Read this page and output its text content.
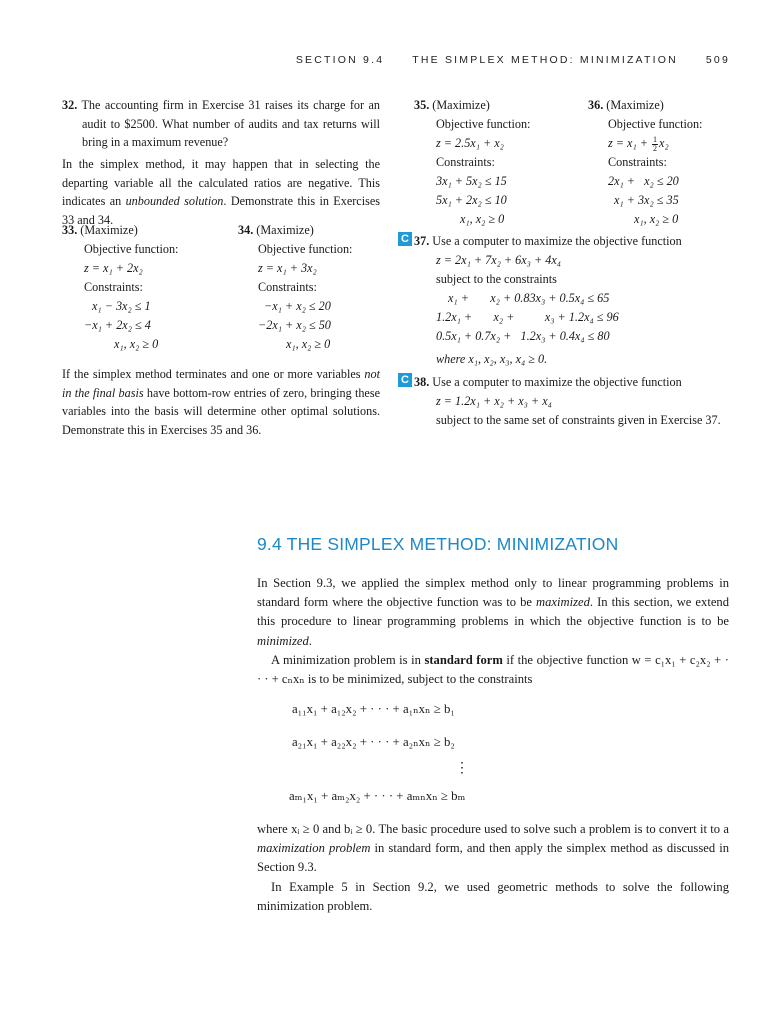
SECTION 9.4	THE SIMPLEX METHOD: MINIMIZATION	509
32. The accounting firm in Exercise 31 raises its charge for an audit to $2500. What number of audits and tax returns will bring in a maximum revenue?
In the simplex method, it may happen that in selecting the departing variable all the calculated ratios are negative. This indicates an unbounded solution. Demonstrate this in Exercises 33 and 34.
33. (Maximize)
Objective function:
z = x₁ + 2x₂
Constraints:
x₁ − 3x₂ ≤ 1
−x₁ + 2x₂ ≤ 4
x₁, x₂ ≥ 0
34. (Maximize)
Objective function:
z = x₁ + 3x₂
Constraints:
−x₁ + x₂ ≤ 20
−2x₁ + x₂ ≤ 50
x₁, x₂ ≥ 0
If the simplex method terminates and one or more variables not in the final basis have bottom-row entries of zero, bringing these variables into the basis will determine other optimal solutions. Demonstrate this in Exercises 35 and 36.
35. (Maximize)
Objective function:
z = 2.5x₁ + x₂
Constraints:
3x₁ + 5x₂ ≤ 15
5x₁ + 2x₂ ≤ 10
x₁, x₂ ≥ 0
36. (Maximize)
Objective function:
$z = x_1 + \frac{1}{2} x_2$
Constraints:
2x₁ +   x₂ ≤ 20
x₁ + 3x₂ ≤ 35
x₁, x₂ ≥ 0
C 37. Use a computer to maximize the objective function
z = 2x₁ + 7x₂ + 6x₃ + 4x₄
subject to the constraints
x₁ +       x₂ + 0.83x₃ + 0.5x₄ ≤ 65
1.2x₁ +       x₂ +          x₃ + 1.2x₄ ≤ 96
0.5x₁ + 0.7x₂ +   1.2x₃ + 0.4x₄ ≤ 80
where x₁, x₂, x₃, x₄ ≥ 0.
C 38. Use a computer to maximize the objective function
z = 1.2x₁ + x₂ + x₃ + x₄
subject to the same set of constraints given in Exercise 37.
9.4 THE SIMPLEX METHOD: MINIMIZATION
In Section 9.3, we applied the simplex method only to linear programming problems in standard form where the objective function was to be maximized. In this section, we extend this procedure to linear programming problems in which the objective function is to be minimized.
A minimization problem is in standard form if the objective function w = c₁x₁ + c₂x₂ + · · · + cₙxₙ is to be minimized, subject to the constraints
a₁₁x₁ + a₁₂x₂ + · · · + a₁ₙxₙ ≥ b₁
a₂₁x₁ + a₂₂x₂ + · · · + a₂ₙxₙ ≥ b₂
⋮
aₘ₁x₁ + aₘ₂x₂ + · · · + aₘₙxₙ ≥ bₘ
where xᵢ ≥ 0 and bᵢ ≥ 0. The basic procedure used to solve such a problem is to convert it to a maximization problem in standard form, and then apply the simplex method as discussed in Section 9.3.
In Example 5 in Section 9.2, we used geometric methods to solve the following minimization problem.
